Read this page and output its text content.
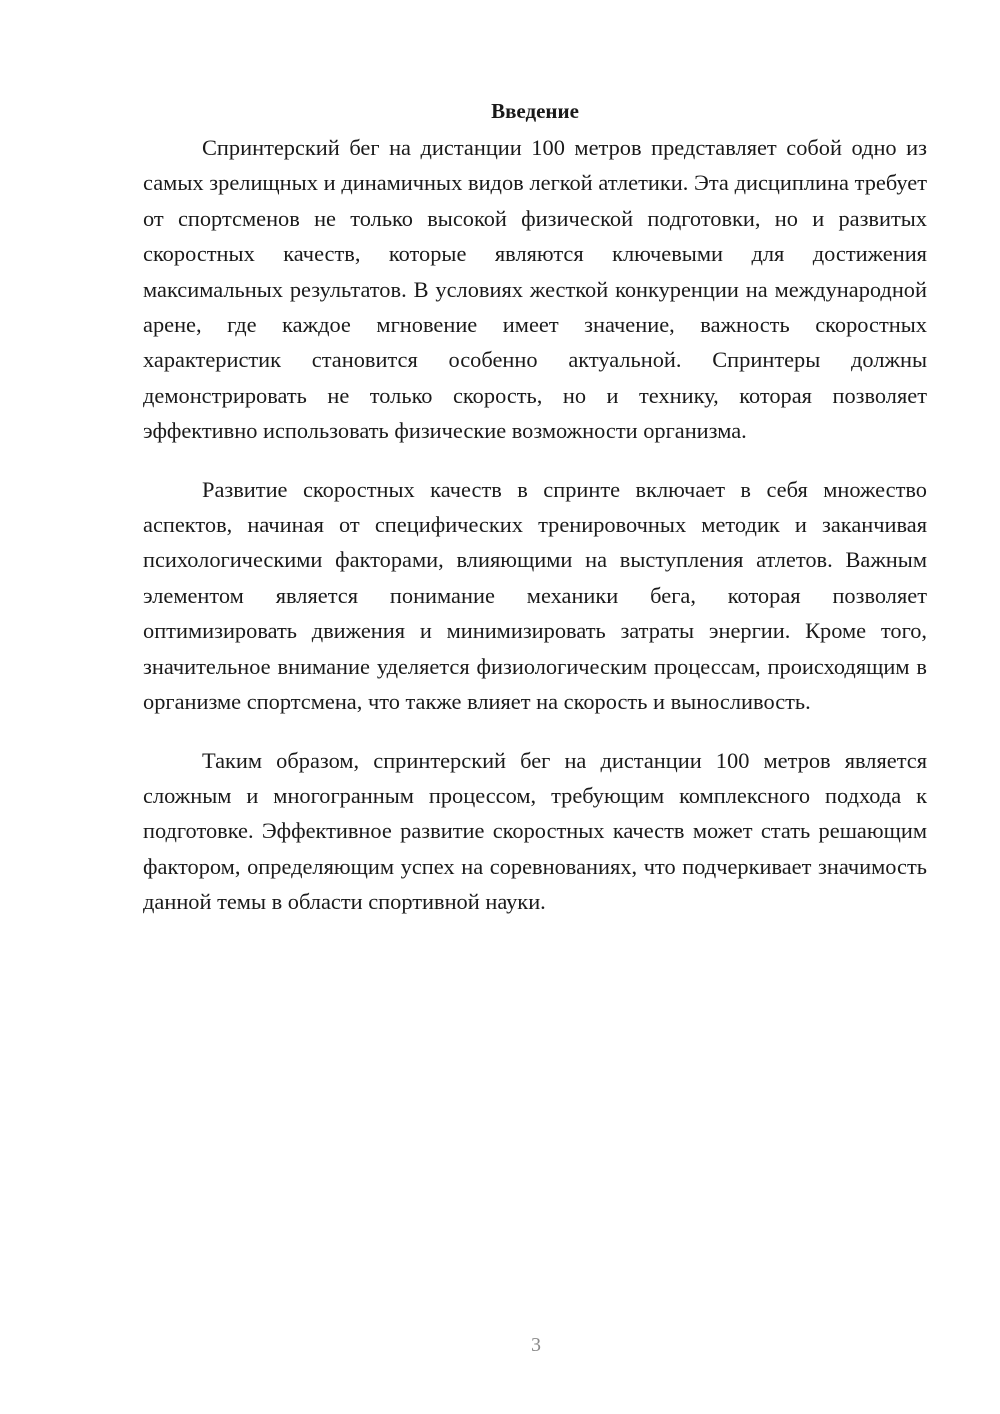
Введение

Спринтерский бег на дистанции 100 метров представляет собой одно из самых зрелищных и динамичных видов легкой атлетики. Эта дисциплина требует от спортсменов не только высокой физической подготовки, но и развитых скоростных качеств, которые являются ключевыми для достижения максимальных результатов. В условиях жесткой конкуренции на международной арене, где каждое мгновение имеет значение, важность скоростных характеристик становится особенно актуальной. Спринтеры должны демонстрировать не только скорость, но и технику, которая позволяет эффективно использовать физические возможности организма.

Развитие скоростных качеств в спринте включает в себя множество аспектов, начиная от специфических тренировочных методик и заканчивая психологическими факторами, влияющими на выступления атлетов. Важным элементом является понимание механики бега, которая позволяет оптимизировать движения и минимизировать затраты энергии. Кроме того, значительное внимание уделяется физиологическим процессам, происходящим в организме спортсмена, что также влияет на скорость и выносливость.

Таким образом, спринтерский бег на дистанции 100 метров является сложным и многогранным процессом, требующим комплексного подхода к подготовке. Эффективное развитие скоростных качеств может стать решающим фактором, определяющим успех на соревнованиях, что подчеркивает значимость данной темы в области спортивной науки.

3
